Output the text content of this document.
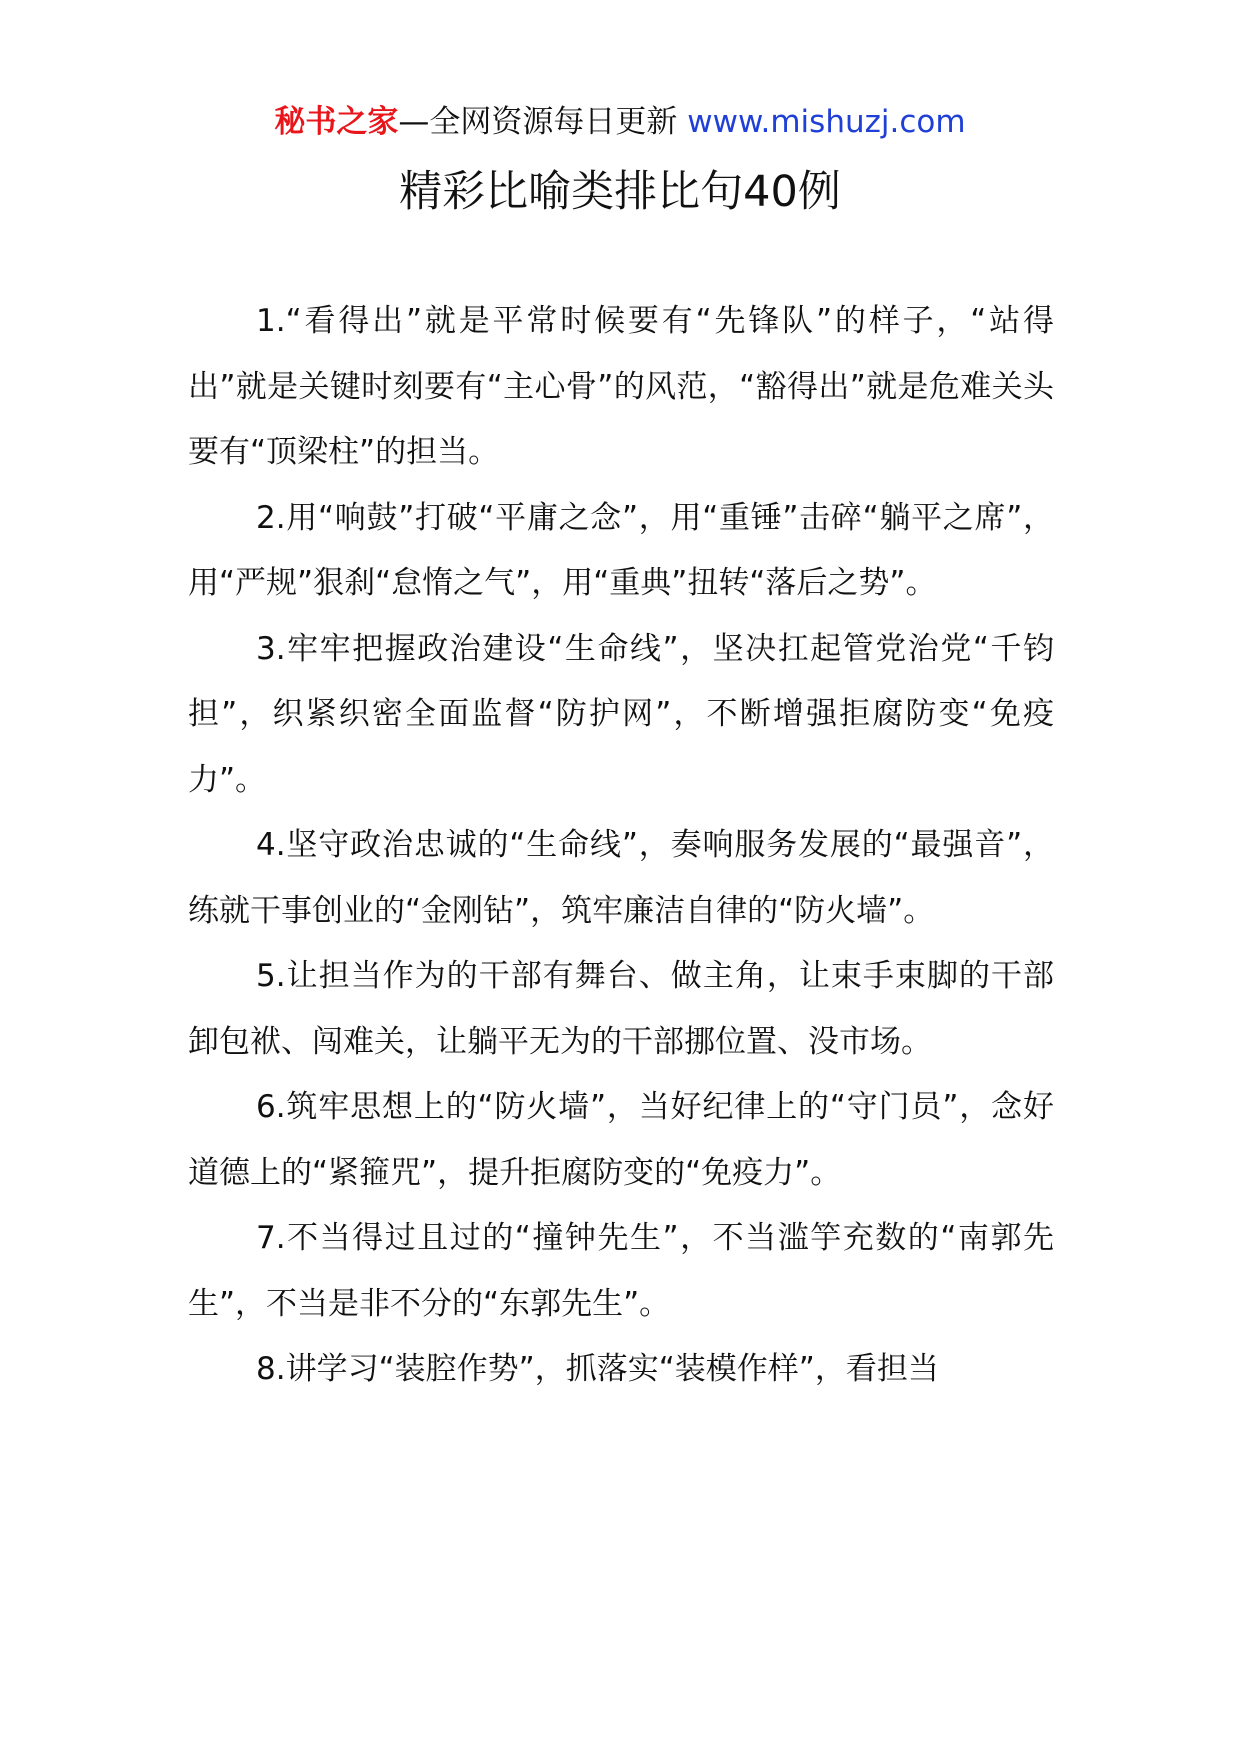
秘书之家—全网资源每日更新 www.mishuzj.com
精彩比喻类排比句40例

1.“看得出”就是平常时候要有“先锋队”的样子，“站得出”就是关键时刻要有“主心骨”的风范，“豁得出”就是危难关头要有“顶梁柱”的担当。

2.用“响鼓”打破“平庸之念”，用“重锤”击碎“躺平之席”，用“严规”狠刹“怠惰之气”，用“重典”扭转“落后之势”。

3.牢牢把握政治建设“生命线”，坚决扛起管党治党“千钧担”，织紧织密全面监督“防护网”，不断增强拒腐防变“免疫力”。

4.坚守政治忠诚的“生命线”，奏响服务发展的“最强音”，练就干事创业的“金刚钻”，筑牢廉洁自律的“防火墙”。

5.让担当作为的干部有舞台、做主角，让束手束脚的干部卸包袱、闯难关，让躺平无为的干部挪位置、没市场。

6.筑牢思想上的“防火墙”，当好纪律上的“守门员”，念好道德上的“紧箍咒”，提升拒腐防变的“免疫力”。

7.不当得过且过的“撞钟先生”，不当滥竽充数的“南郭先生”，不当是非不分的“东郭先生”。

8.讲学习“装腔作势”，抓落实“装模作样”，看担当
